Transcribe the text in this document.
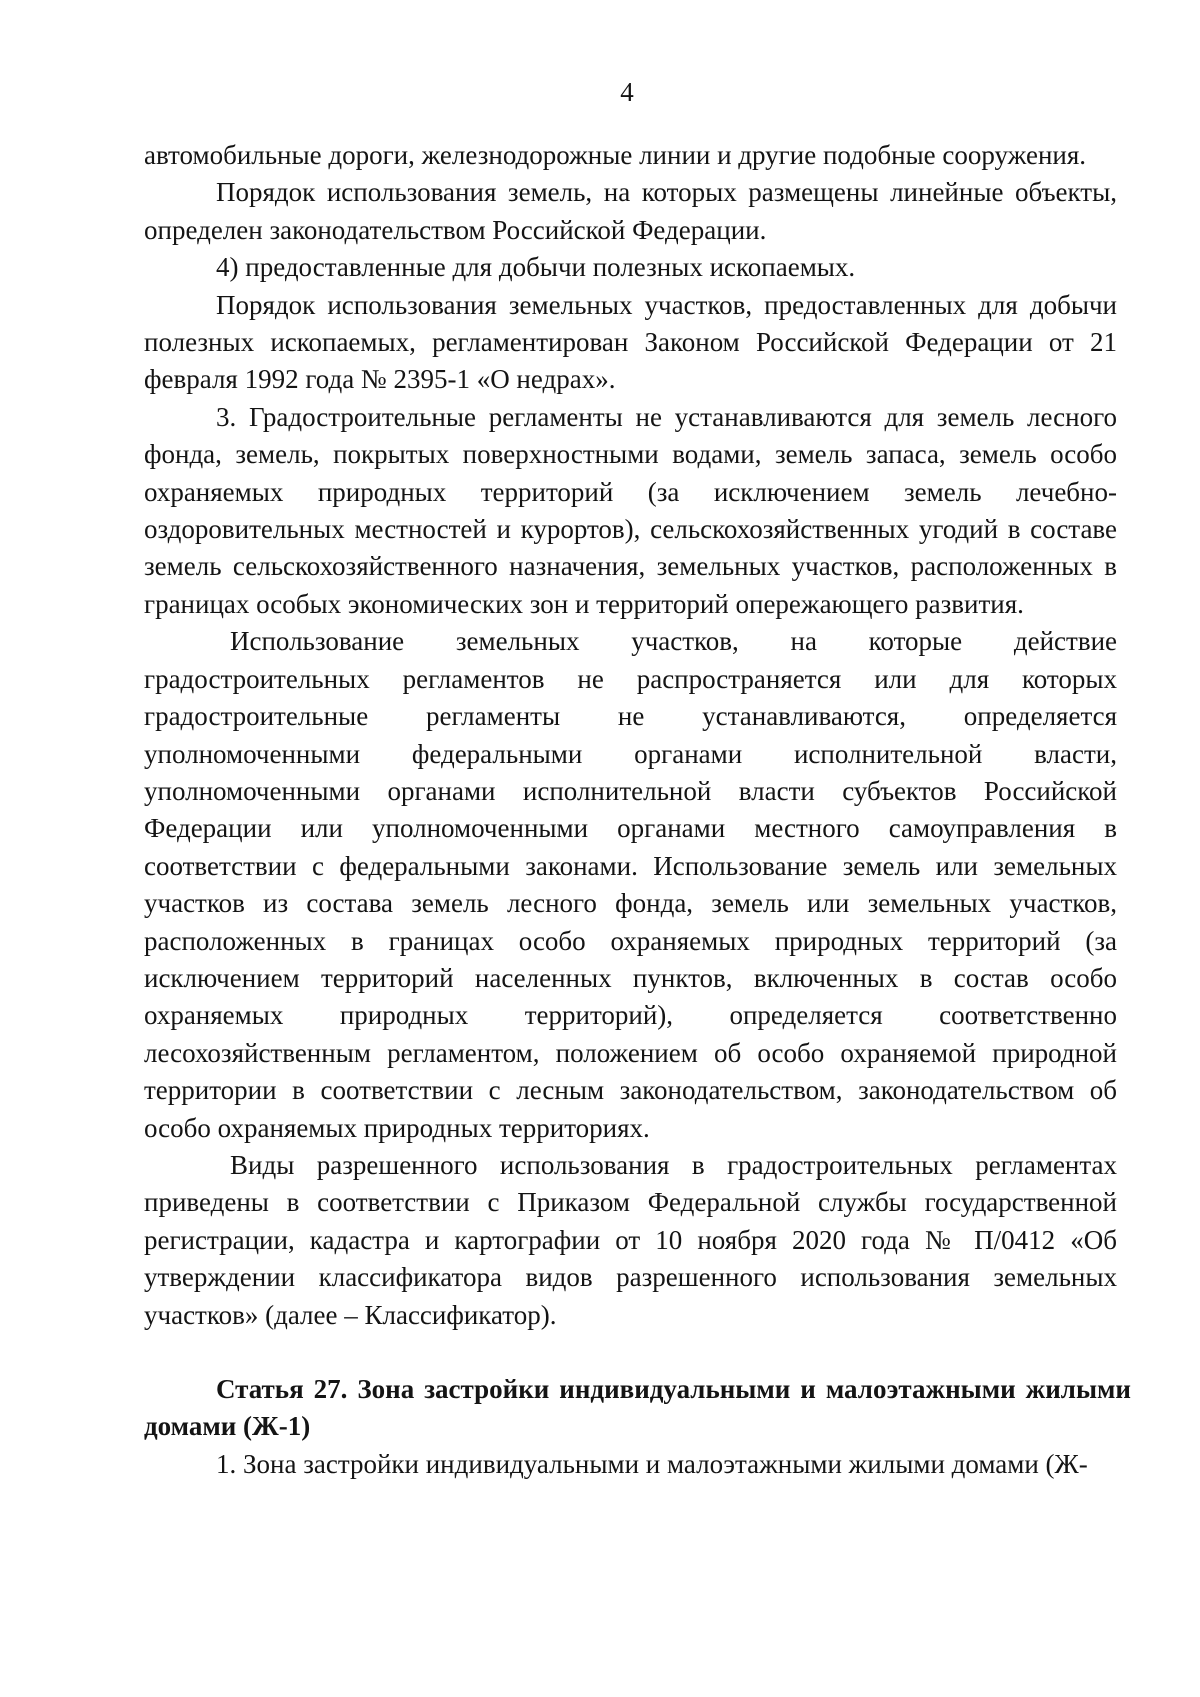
4

автомобильные дороги, железнодорожные линии и другие подобные сооружения.

Порядок использования земель, на которых размещены линейные объекты, определен законодательством Российской Федерации.

4) предоставленные для добычи полезных ископаемых.

Порядок использования земельных участков, предоставленных для добычи полезных ископаемых, регламентирован Законом Российской Федерации от 21 февраля 1992 года № 2395-1 «О недрах».

3. Градостроительные регламенты не устанавливаются для земель лесного фонда, земель, покрытых поверхностными водами, земель запаса, земель особо охраняемых природных территорий (за исключением земель лечебно-оздоровительных местностей и курортов), сельскохозяйственных угодий в составе земель сельскохозяйственного назначения, земельных участков, расположенных в границах особых экономических зон и территорий опережающего развития.

Использование земельных участков, на которые действие градостроительных регламентов не распространяется или для которых градостроительные регламенты не устанавливаются, определяется уполномоченными федеральными органами исполнительной власти, уполномоченными органами исполнительной власти субъектов Российской Федерации или уполномоченными органами местного самоуправления в соответствии с федеральными законами. Использование земель или земельных участков из состава земель лесного фонда, земель или земельных участков, расположенных в границах особо охраняемых природных территорий (за исключением территорий населенных пунктов, включенных в состав особо охраняемых природных территорий), определяется соответственно лесохозяйственным регламентом, положением об особо охраняемой природной территории в соответствии с лесным законодательством, законодательством об особо охраняемых природных территориях.

Виды разрешенного использования в градостроительных регламентах приведены в соответствии с Приказом Федеральной службы государственной регистрации, кадастра и картографии от 10 ноября 2020 года № П/0412 «Об утверждении классификатора видов разрешенного использования земельных участков» (далее – Классификатор).

Статья 27. Зона застройки индивидуальными и малоэтажными жилыми домами (Ж-1)

1. Зона застройки индивидуальными и малоэтажными жилыми домами (Ж-
